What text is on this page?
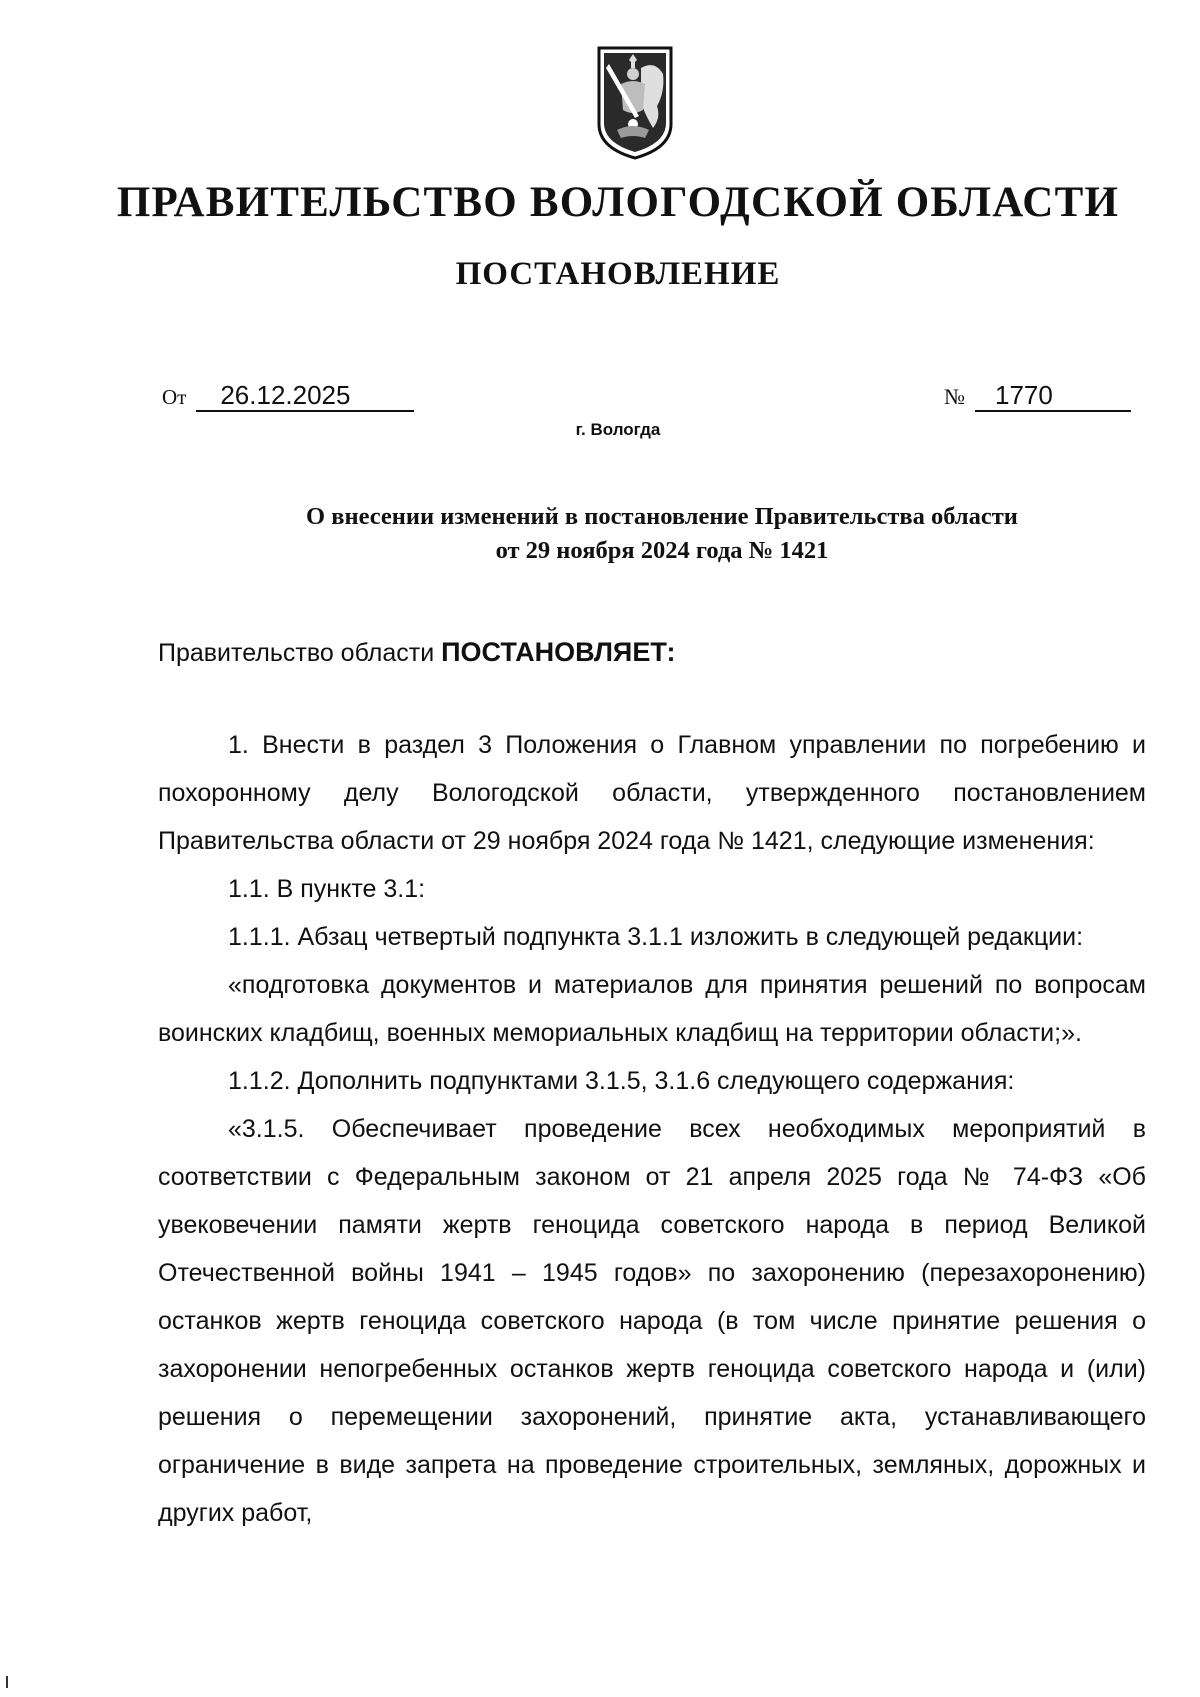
ПРАВИТЕЛЬСТВО ВОЛОГОДСКОЙ ОБЛАСТИ
ПОСТАНОВЛЕНИЕ
От 26.12.2025	№ 1770
г. Вологда
О внесении изменений в постановление Правительства области
от 29 ноября 2024 года № 1421
Правительство области ПОСТАНОВЛЯЕТ:

1. Внести в раздел 3 Положения о Главном управлении по погребению и похоронному делу Вологодской области, утвержденного постановлением Правительства области от 29 ноября 2024 года № 1421, следующие изменения:

1.1. В пункте 3.1:

1.1.1. Абзац четвертый подпункта 3.1.1 изложить в следующей редакции:

«подготовка документов и материалов для принятия решений по вопросам воинских кладбищ, военных мемориальных кладбищ на территории области;».

1.1.2. Дополнить подпунктами 3.1.5, 3.1.6 следующего содержания:

«3.1.5. Обеспечивает проведение всех необходимых мероприятий в соответствии с Федеральным законом от 21 апреля 2025 года № 74-ФЗ «Об увековечении памяти жертв геноцида советского народа в период Великой Отечественной войны 1941 – 1945 годов» по захоронению (перезахоронению) останков жертв геноцида советского народа (в том числе принятие решения о захоронении непогребенных останков жертв геноцида советского народа и (или) решения о перемещении захоронений, принятие акта, устанавливающего ограничение в виде запрета на проведение строительных, земляных, дорожных и других работ,
